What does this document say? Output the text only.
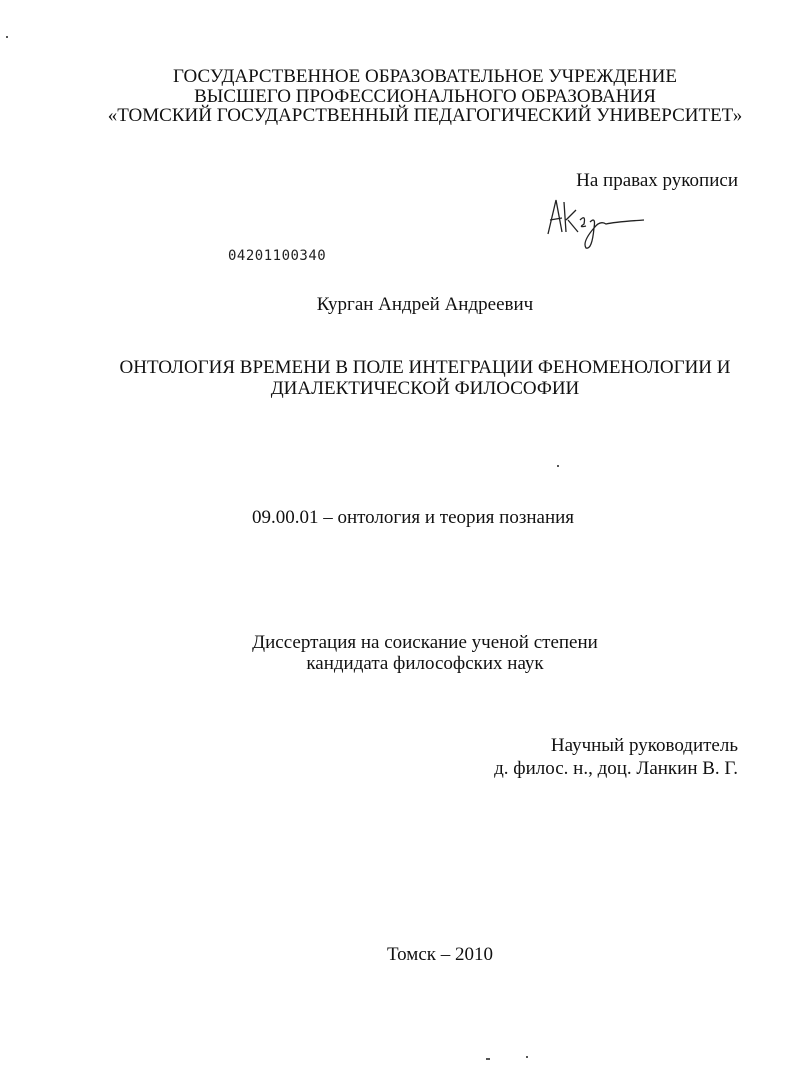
ГОСУДАРСТВЕННОЕ ОБРАЗОВАТЕЛЬНОЕ УЧРЕЖДЕНИЕ
ВЫСШЕГО ПРОФЕССИОНАЛЬНОГО ОБРАЗОВАНИЯ
«ТОМСКИЙ ГОСУДАРСТВЕННЫЙ ПЕДАГОГИЧЕСКИЙ УНИВЕРСИТЕТ»
На правах рукописи
04201100340
Курган Андрей Андреевич
ОНТОЛОГИЯ ВРЕМЕНИ В ПОЛЕ ИНТЕГРАЦИИ ФЕНОМЕНОЛОГИИ И
ДИАЛЕКТИЧЕСКОЙ ФИЛОСОФИИ
09.00.01 – онтология и теория познания
Диссертация на соискание ученой степени
кандидата философских наук
Научный руководитель
д. филос. н., доц. Ланкин В. Г.
Томск – 2010
